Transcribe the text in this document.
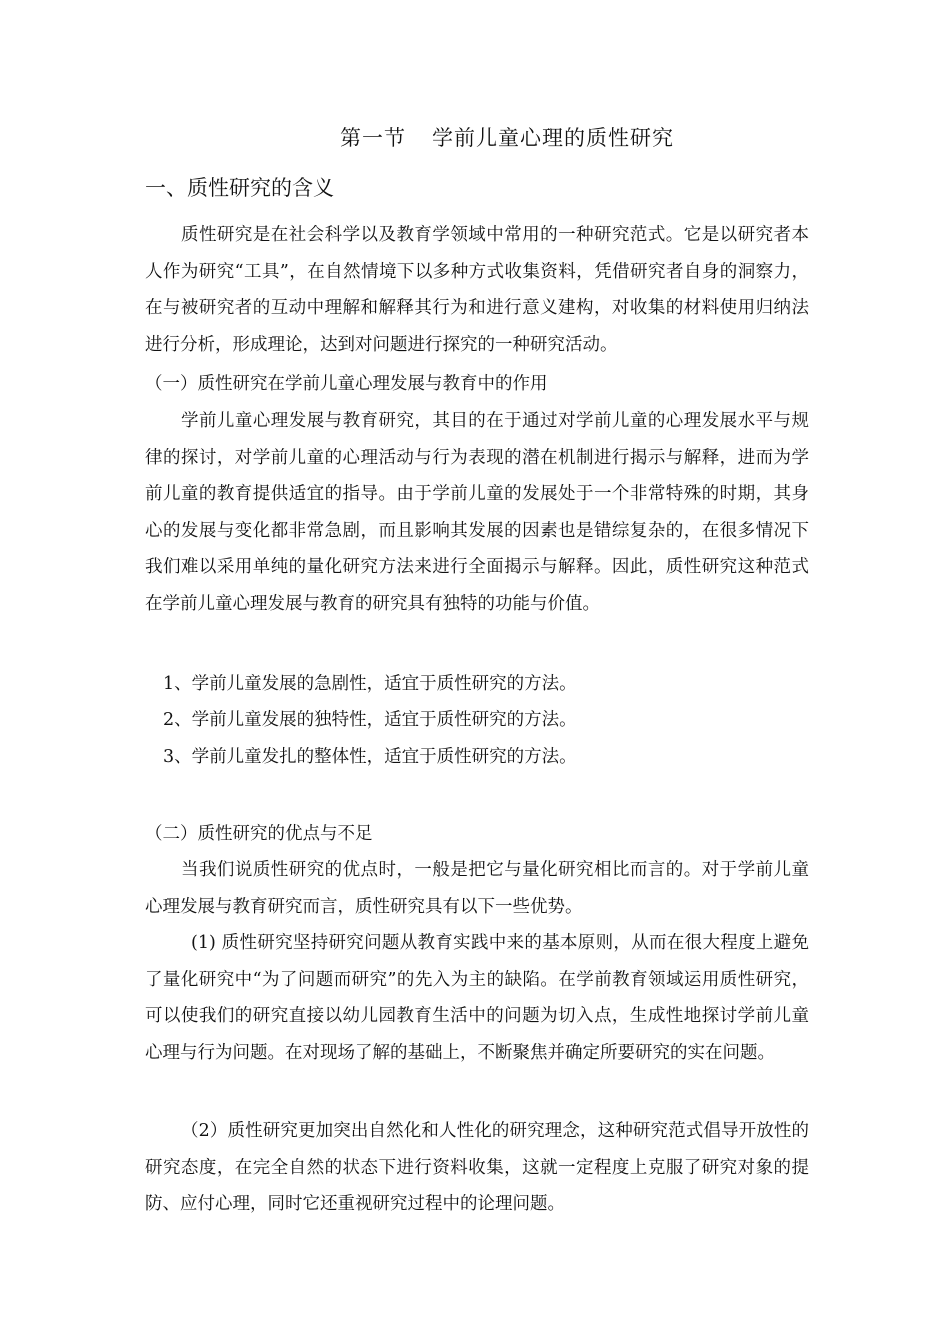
第一节 学前儿童心理的质性研究
一、质性研究的含义

质性研究是在社会科学以及教育学领域中常用的一种研究范式。它是以研究者本人作为研究“工具”，在自然情境下以多种方式收集资料，凭借研究者自身的洞察力，在与被研究者的互动中理解和解释其行为和进行意义建构，对收集的材料使用归纳法进行分析，形成理论，达到对问题进行探究的一种研究活动。

（一）质性研究在学前儿童心理发展与教育中的作用

学前儿童心理发展与教育研究，其目的在于通过对学前儿童的心理发展水平与规律的探讨，对学前儿童的心理活动与行为表现的潜在机制进行揭示与解释，进而为学前儿童的教育提供适宜的指导。由于学前儿童的发展处于一个非常特殊的时期，其身心的发展与变化都非常急剧，而且影响其发展的因素也是错综复杂的，在很多情况下我们难以采用单纯的量化研究方法来进行全面揭示与解释。因此，质性研究这种范式在学前儿童心理发展与教育的研究具有独特的功能与价值。

1、学前儿童发展的急剧性，适宜于质性研究的方法。
2、学前儿童发展的独特性，适宜于质性研究的方法。
3、学前儿童发扎的整体性，适宜于质性研究的方法。
（二）质性研究的优点与不足

当我们说质性研究的优点时，一般是把它与量化研究相比而言的。对于学前儿童心理发展与教育研究而言，质性研究具有以下一些优势。

(1) 质性研究坚持研究问题从教育实践中来的基本原则，从而在很大程度上避免了量化研究中“为了问题而研究”的先入为主的缺陷。在学前教育领域运用质性研究，可以使我们的研究直接以幼儿园教育生活中的问题为切入点，生成性地探讨学前儿童心理与行为问题。在对现场了解的基础上，不断聚焦并确定所要研究的实在问题。

（2）质性研究更加突出自然化和人性化的研究理念，这种研究范式倡导开放性的研究态度，在完全自然的状态下进行资料收集，这就一定程度上克服了研究对象的提防、应付心理，同时它还重视研究过程中的论理问题。
